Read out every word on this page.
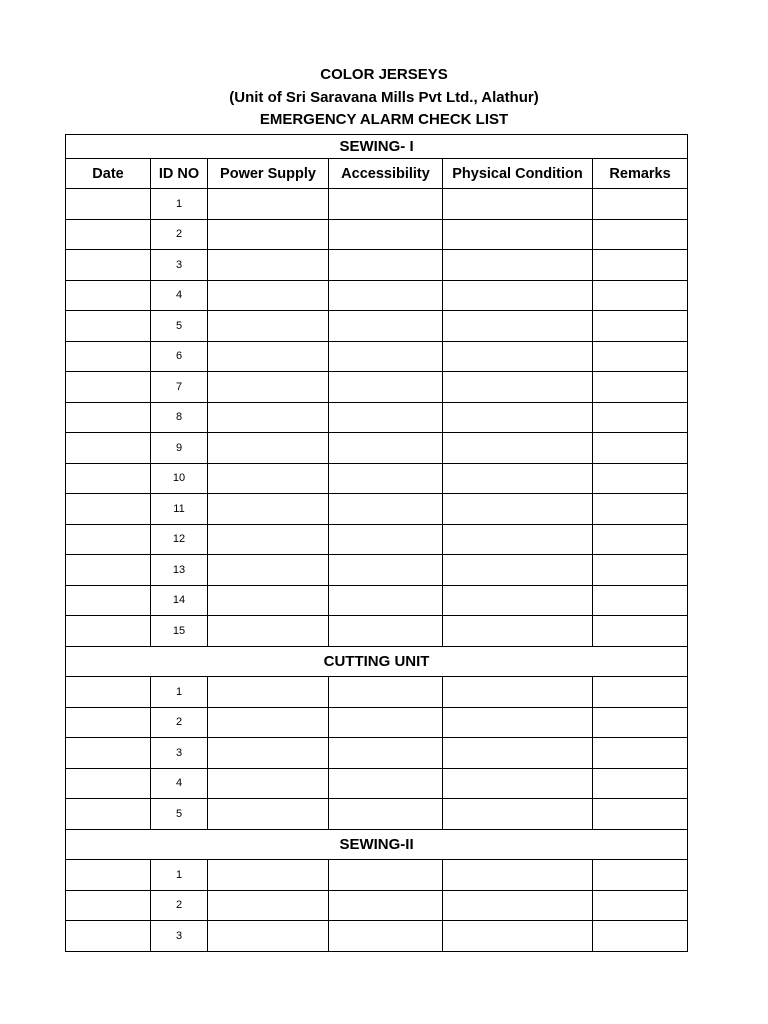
COLOR JERSEYS
(Unit of Sri Saravana Mills Pvt Ltd., Alathur)
EMERGENCY ALARM CHECK LIST
SEWING- I					
Date	ID NO	Power Supply	Accessibility	Physical Condition	Remarks
	1				
	2				
	3				
	4				
	5				
	6				
	7				
	8				
	9				
	10				
	11				
	12				
	13				
	14				
	15				
CUTTING UNIT					
	1				
	2				
	3				
	4				
	5				
SEWING-II					
	1				
	2				
	3				
